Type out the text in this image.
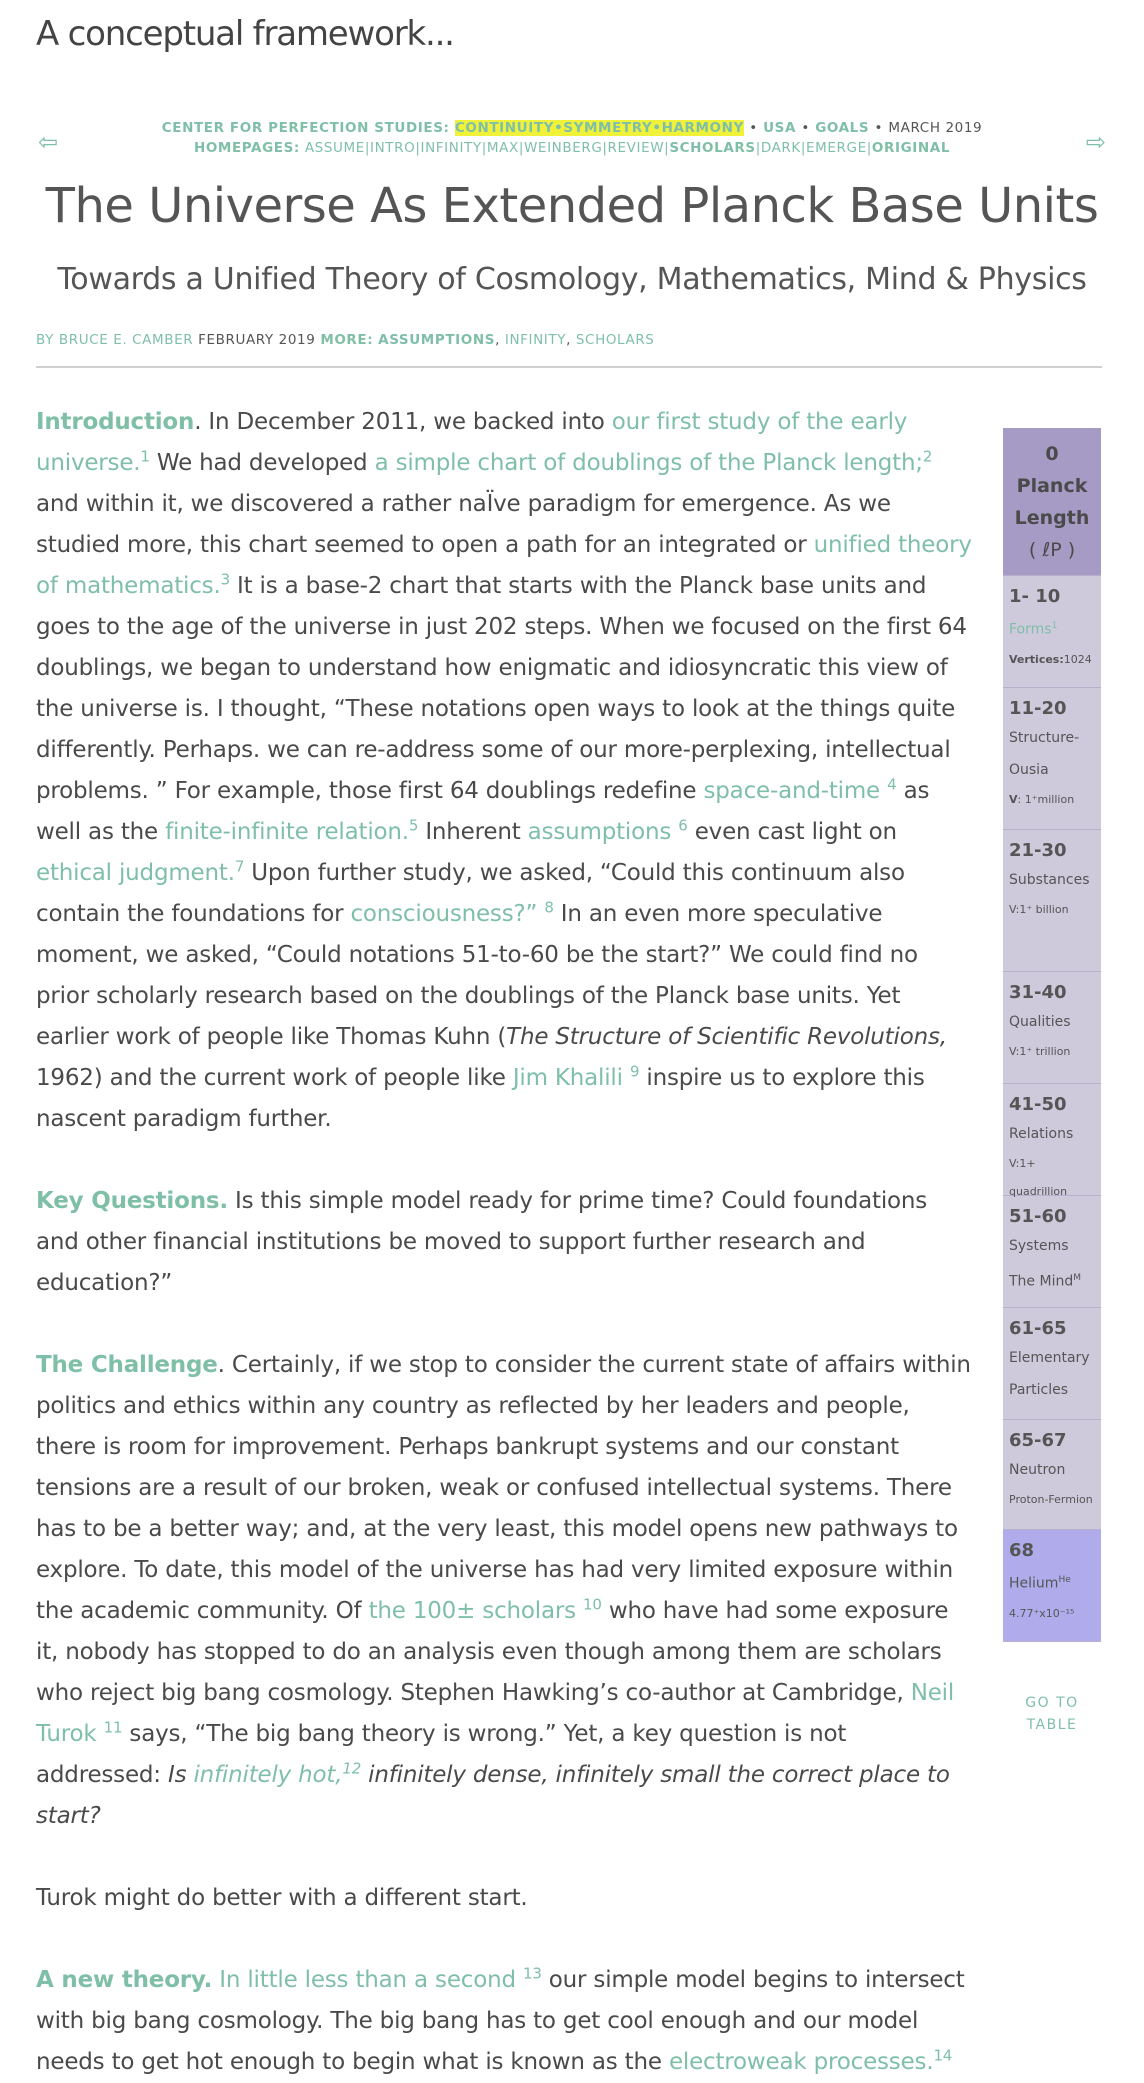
A conceptual framework...
⇦	⇨
CENTER FOR PERFECTION STUDIES: CONTINUITY•SYMMETRY•HARMONY • USA • GOALS • MARCH 2019
HOMEPAGES: ASSUME|INTRO|INFINITY|MAX|WEINBERG|REVIEW|SCHOLARS|DARK|EMERGE|ORIGINAL
The Universe As Extended Planck Base Units
Towards a Unified Theory of Cosmology, Mathematics, Mind & Physics
BY BRUCE E. CAMBER FEBRUARY 2019 MORE: ASSUMPTIONS, INFINITY, SCHOLARS

Introduction. In December 2011, we backed into our first study of the early universe.$^1$ We had developed a simple chart of doublings of the Planck length;$^2$ and within it, we discovered a rather naÏve paradigm for emergence. As we studied more, this chart seemed to open a path for an integrated or unified theory of mathematics.$^3$ It is a base-2 chart that starts with the Planck base units and goes to the age of the universe in just 202 steps. When we focused on the first 64 doublings, we began to understand how enigmatic and idiosyncratic this view of the universe is. I thought, “These notations open ways to look at the things quite differently. Perhaps. we can re-address some of our more-perplexing, intellectual problems. ” For example, those first 64 doublings redefine space-and-time $^4$ as well as the finite-infinite relation.$^5$ Inherent assumptions $^6$ even cast light on ethical judgment.$^7$ Upon further study, we asked, “Could this continuum also contain the foundations for consciousness?” $^8$ In an even more speculative moment, we asked, “Could notations 51-to-60 be the start?” We could find no prior scholarly research based on the doublings of the Planck base units. Yet earlier work of people like Thomas Kuhn (The Structure of Scientific Revolutions, 1962) and the current work of people like Jim Khalili $^9$ inspire us to explore this nascent paradigm further.

Key Questions. Is this simple model ready for prime time? Could foundations and other financial institutions be moved to support further research and education?”

The Challenge. Certainly, if we stop to consider the current state of affairs within politics and ethics within any country as reflected by her leaders and people, there is room for improvement. Perhaps bankrupt systems and our constant tensions are a result of our broken, weak or confused intellectual systems. There has to be a better way; and, at the very least, this model opens new pathways to explore. To date, this model of the universe has had very limited exposure within the academic community. Of the 100± scholars $^{10}$ who have had some exposure it, nobody has stopped to do an analysis even though among them are scholars who reject big bang cosmology. Stephen Hawking’s co-author at Cambridge, Neil Turok $^{11}$ says, “The big bang theory is wrong.” Yet, a key question is not addressed: Is infinitely hot,$^{12}$ infinitely dense, infinitely small the correct place to start?

Turok might do better with a different start.

A new theory. In little less than a second $^{13}$ our simple model begins to intersect with big bang cosmology. The big bang has to get cool enough and our model needs to get hot enough to begin what is known as the electroweak processes.$^{14}$

0
Planck
Length
( ℓP )
1- 10
Forms$^1$
Vertices:1024
11-20
Structure-
Ousia
V: 1⁺million
21-30
Substances
V:1⁺ billion
31-40
Qualities
V:1⁺ trillion
41-50
Relations
V:1+ quadrillion
51-60
Systems
The Mind$^M$
61-65
Elementary
Particles
65-67
Neutron
Proton-Fermion
68
Helium$^{He}$
4.77⁺x10⁻¹⁵
GO TO
TABLE
